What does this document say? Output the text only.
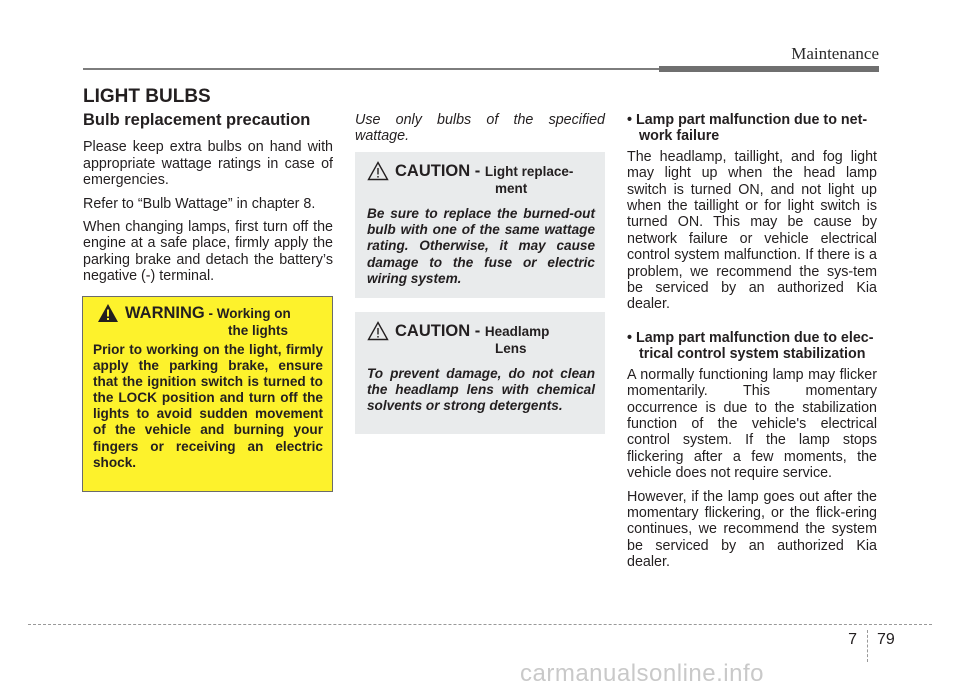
Maintenance
LIGHT BULBS
Bulb replacement precaution

Please keep extra bulbs on hand with appropriate wattage ratings in case of emergencies.

Refer to “Bulb Wattage” in chapter 8.

When changing lamps, first turn off the engine at a safe place, firmly apply the parking brake and detach the battery’s negative (-) terminal.

WARNING - Working on
the lights
Prior to working on the light, firmly apply the parking brake, ensure that the ignition switch is turned to the LOCK position and turn off the lights to avoid sudden movement of the vehicle and burning your fingers or receiving an electric shock.
Use only bulbs of the specified wattage.
CAUTION - Light replace-
ment
Be sure to replace the burned-out bulb with one of the same wattage rating. Otherwise, it may cause damage to the fuse or electric wiring system.
CAUTION - Headlamp
Lens
To prevent damage, do not clean the headlamp lens with chemical solvents or strong detergents.
• Lamp part malfunction due to net-work failure

The headlamp, taillight, and fog light may light up when the head lamp switch is turned ON, and not light up when the taillight or for light switch is turned ON. This may be cause by network failure or vehicle electrical control system malfunction. If there is a problem, we recommend the sys-tem be serviced by an authorized Kia dealer.

• Lamp part malfunction due to elec-trical control system stabilization

A normally functioning lamp may flicker momentarily. This momentary occurrence is due to the stabilization function of the vehicle's electrical control system. If the lamp stops flickering after a few moments, the vehicle does not require service.

However, if the lamp goes out after the momentary flickering, or the flick-ering continues, we recommend the system be serviced by an authorized Kia dealer.

7 79
carmanualsonline.info
